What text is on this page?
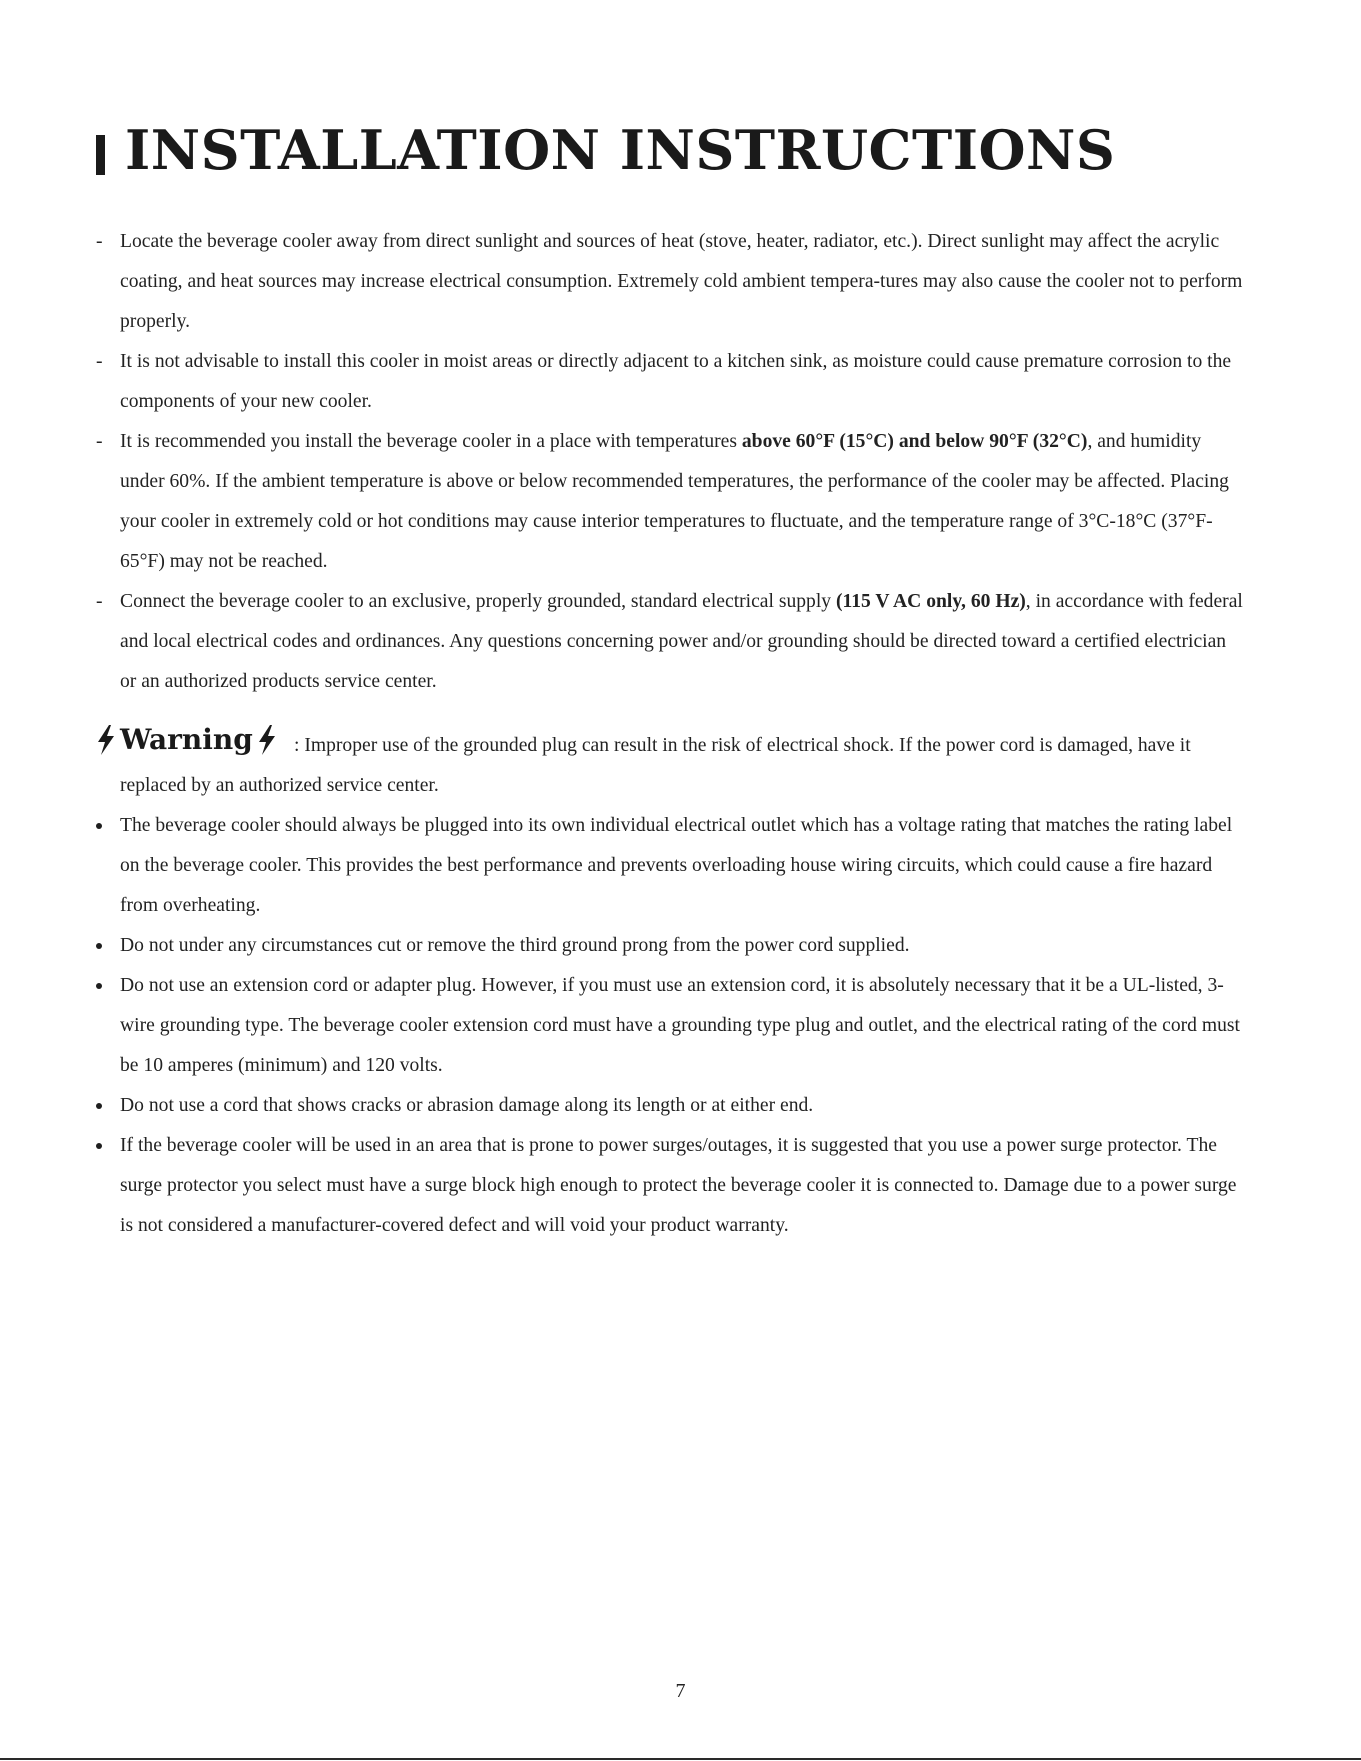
INSTALLATION INSTRUCTIONS
- Locate the beverage cooler away from direct sunlight and sources of heat (stove, heater, radiator, etc.). Direct sunlight may affect the acrylic coating, and heat sources may increase electrical consumption. Extremely cold ambient tempera-tures may also cause the cooler not to perform properly.
- It is not advisable to install this cooler in moist areas or directly adjacent to a kitchen sink, as moisture could cause premature corrosion to the components of your new cooler.
- It is recommended you install the beverage cooler in a place with temperatures above 60°F (15°C) and below 90°F (32°C), and humidity under 60%. If the ambient temperature is above or below recommended temperatures, the performance of the cooler may be affected. Placing your cooler in extremely cold or hot conditions may cause interior temperatures to fluctuate, and the temperature range of 3°C-18°C (37°F-65°F) may not be reached.
- Connect the beverage cooler to an exclusive, properly grounded, standard electrical supply (115 V AC only, 60 Hz), in accordance with federal and local electrical codes and ordinances. Any questions concerning power and/or grounding should be directed toward a certified electrician or an authorized products service center.
Warning	: Improper use of the grounded plug can result in the risk of electrical shock. If the power cord is damaged, have it replaced by an authorized service center.
The beverage cooler should always be plugged into its own individual electrical outlet which has a voltage rating that matches the rating label on the beverage cooler. This provides the best performance and prevents overloading house wiring circuits, which could cause a fire hazard from overheating.
Do not under any circumstances cut or remove the third ground prong from the power cord supplied.
Do not use an extension cord or adapter plug. However, if you must use an extension cord, it is absolutely necessary that it be a UL-listed, 3-wire grounding type. The beverage cooler extension cord must have a grounding type plug and outlet, and the electrical rating of the cord must be 10 amperes (minimum) and 120 volts.
Do not use a cord that shows cracks or abrasion damage along its length or at either end.
If the beverage cooler will be used in an area that is prone to power surges/outages, it is suggested that you use a power surge protector. The surge protector you select must have a surge block high enough to protect the beverage cooler it is connected to. Damage due to a power surge is not considered a manufacturer-covered defect and will void your product warranty.
7
